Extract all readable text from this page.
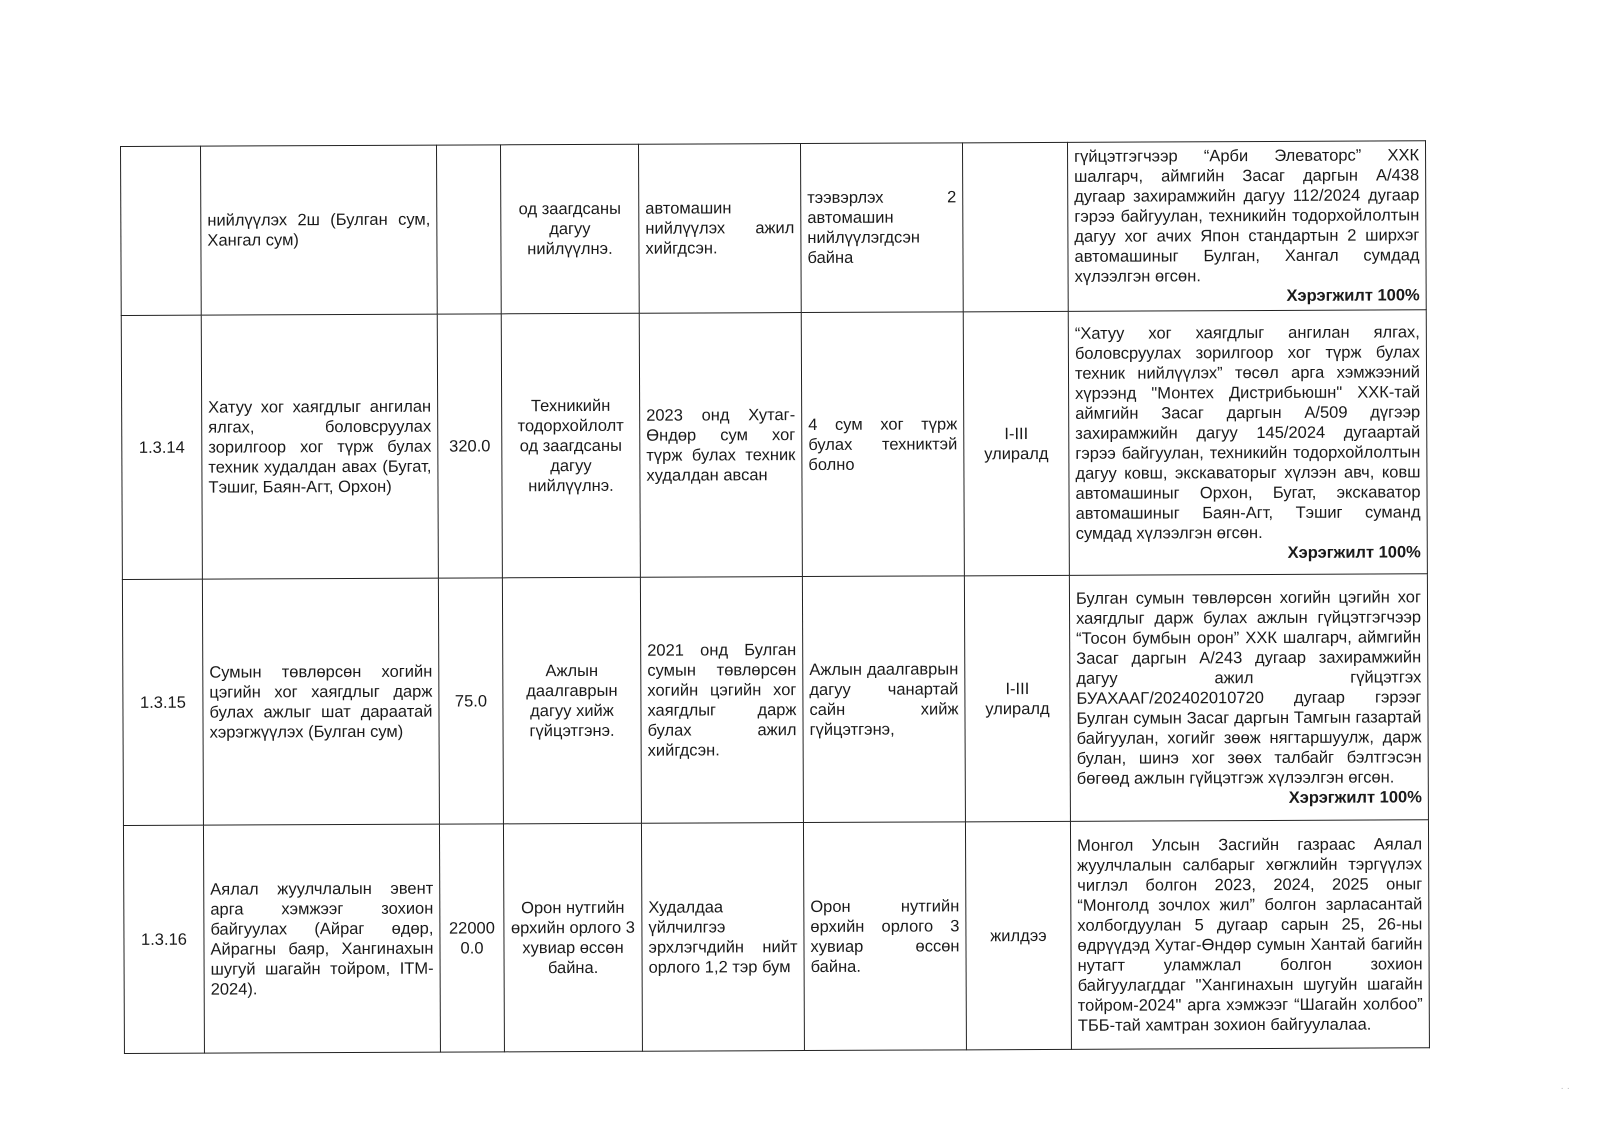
	нийлүүлэх 2ш (Булган сум, Хангал сум)		од заагдсаны дагуу нийлүүлнэ.	автомашин нийлүүлэх ажил хийгдсэн.	тээвэрлэх 2 автомашин нийлүүлэгдсэн байна		гүйцэтгэгчээр “Арби Элеваторс” ХХК шалгарч, аймгийн Засаг даргын А/438 дугаар захирамжийн дагуу 112/2024 дугаар гэрээ байгуулан, техникийн тодорхойлолтын дагуу хог ачих Япон стандартын 2 ширхэг автомашиныг Булган, Хангал сумдад хүлээлгэн өгсөн.
Хэрэгжилт 100%

1.3.14	Хатуу хог хаягдлыг ангилан ялгах, боловсруулах зорилгоор хог түрж булах техник худалдан авах (Бугат, Тэшиг, Баян-Агт, Орхон)	320.0	Техникийн тодорхойлолт од заагдсаны дагуу нийлүүлнэ.	2023 онд Хутаг-Өндөр сум хог түрж булах техник худалдан авсан	4 сум хог түрж булах техниктэй болно	I-III улиралд	“Хатуу хог хаягдлыг ангилан ялгах, боловсруулах зорилгоор хог түрж булах техник нийлүүлэх” төсөл арга хэмжээний хүрээнд "Монтех Дистрибьюшн" ХХК-тай аймгийн Засаг даргын А/509 дүгээр захирамжийн дагуу 145/2024 дугаартай гэрээ байгуулан, техникийн тодорхойлолтын дагуу ковш, экскаваторыг хүлээн авч, ковш автомашиныг Орхон, Бугат, экскаватор автомашиныг Баян-Агт, Тэшиг суманд сумдад хүлээлгэн өгсөн.
Хэрэгжилт 100%

1.3.15	Сумын төвлөрсөн хогийн цэгийн хог хаягдлыг дарж булах ажлыг шат дараатай хэрэгжүүлэх (Булган сум)	75.0	Ажлын даалгаврын дагуу хийж гүйцэтгэнэ.	2021 онд Булган сумын төвлөрсөн хогийн цэгийн хог хаягдлыг дарж булах ажил хийгдсэн.	Ажлын даалгаврын дагуу чанартай сайн хийж гүйцэтгэнэ,	I-III улиралд	Булган сумын төвлөрсөн хогийн цэгийн хог хаягдлыг дарж булах ажлын гүйцэтгэгчээр “Тосон бумбын орон” ХХК шалгарч, аймгийн Засаг даргын А/243 дугаар захирамжийн дагуу ажил гүйцэтгэх БУАХААГ/202402010720 дугаар гэрээг Булган сумын Засаг даргын Тамгын газартай байгуулан, хогийг зөөж нягтаршуулж, дарж булан, шинэ хог зөөх талбайг бэлтгэсэн бөгөөд ажлын гүйцэтгэж хүлээлгэн өгсөн.
Хэрэгжилт 100%

1.3.16	Аялал жуулчлалын эвент арга хэмжээг зохион байгуулах (Айраг өдөр, Айрагны баяр, Хангинахын шугуй шагайн тойром, ITM-2024).	220000.0	Орон нутгийн өрхийн орлого 3 хувиар өссөн байна.	Худалдаа үйлчилгээ эрхлэгчдийн нийт орлого 1,2 тэр бум	Орон нутгийн өрхийн орлого 3 хувиар өссөн байна.	жилдээ	Монгол Улсын Засгийн газраас Аялал жуулчлалын салбарыг хөгжлийн тэргүүлэх чиглэл болгон 2023, 2024, 2025 оныг “Монголд зочлох жил” болгон зарласантай холбогдуулан 5 дугаар сарын 25, 26-ны өдрүүдэд Хутаг-Өндөр сумын Хантай багийн нутагт уламжлал болгон зохион байгуулагддаг "Хангинахын шугуйн шагайн тойром-2024" арга хэмжээг “Шагайн холбоо” ТББ-тай хамтран зохион байгуулалаа.
· ·
